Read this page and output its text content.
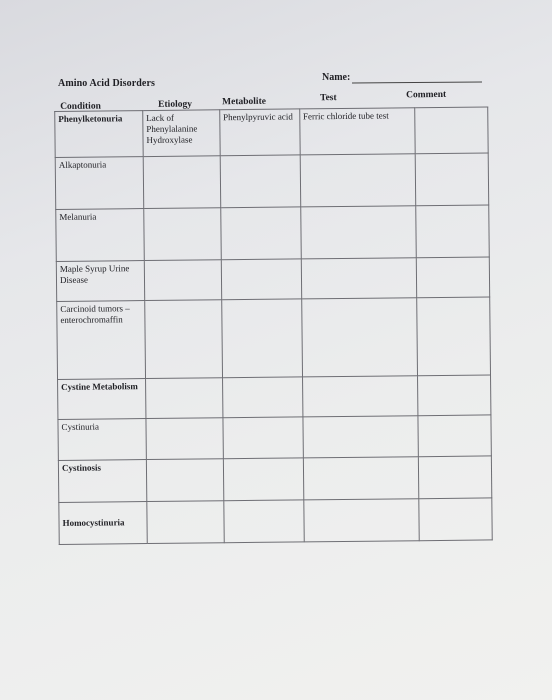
Amino Acid Disorders
Name:
Condition	Etiology	Metabolite	Test	Comment
Phenylketonuria	Lack of Phenylalanine Hydroxylase	Phenylpyruvic acid	Ferric chloride tube test	
Alkaptonuria	

Melanuria				
Maple Syrup Urine Disease				
Carcinoid tumors – enterochromaffin				
Cystine Metabolism				
Cystinuria				
Cystinosis				
Homocystinuria				
